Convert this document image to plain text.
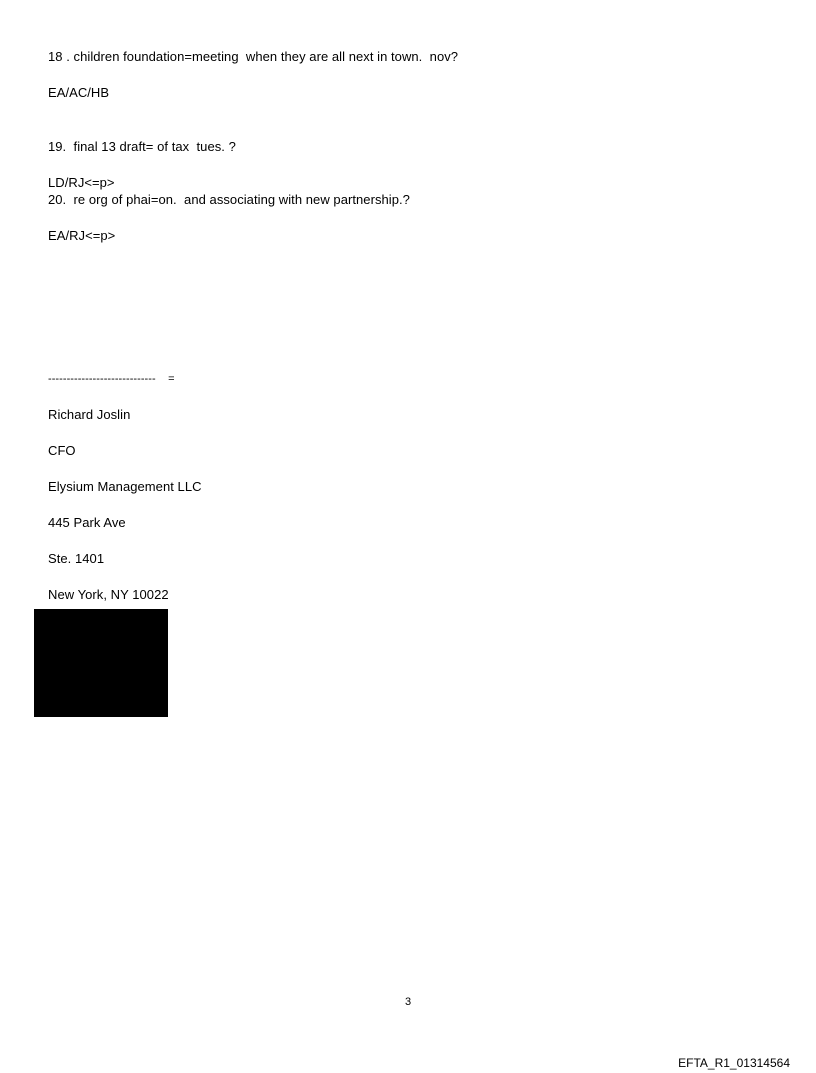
18 . children foundation=meeting  when they are all next in town.  nov?
EA/AC/HB
19.  final 13 draft= of tax  tues. ?
LD/RJ<=p>
20.  re org of phai=on.  and associating with new partnership.?
EA/RJ<=p>
-----------------------------    =
Richard Joslin
CFO
Elysium Management LLC
445 Park Ave
Ste. 1401
New York, NY 10022
3
EFTA_R1_01314564
